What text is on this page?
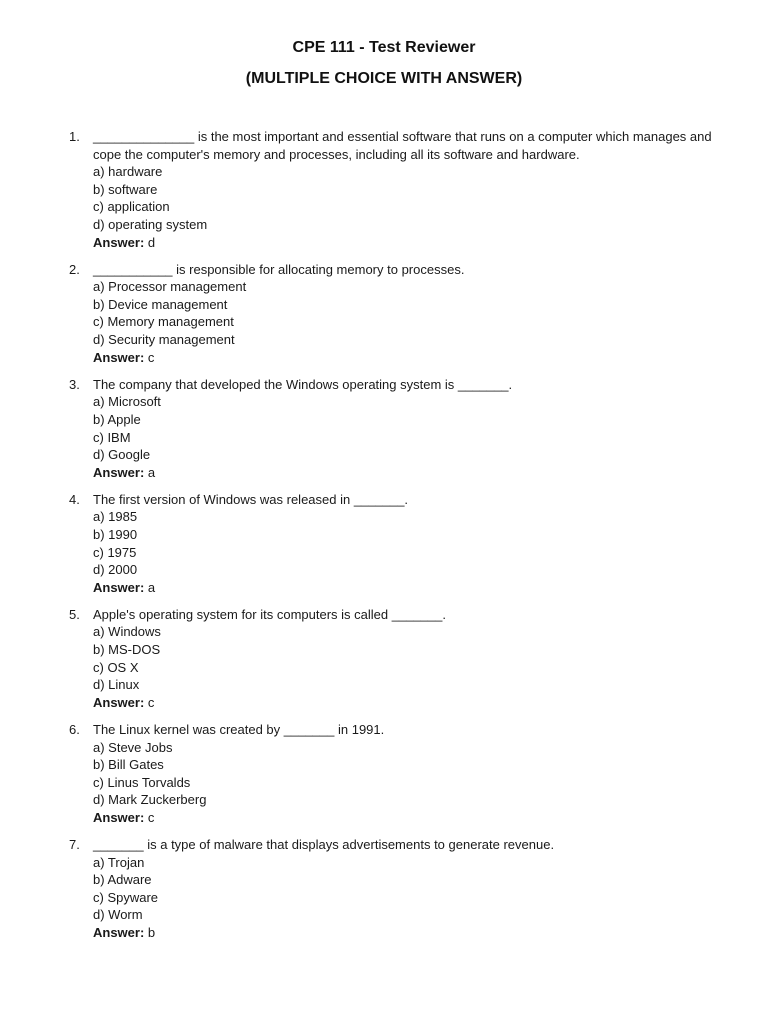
CPE 111 - Test Reviewer
(MULTIPLE CHOICE WITH ANSWER)
1. ______________ is the most important and essential software that runs on a computer which manages and cope the computer's memory and processes, including all its software and hardware.
a) hardware
b) software
c) application
d) operating system
Answer: d
2. ___________ is responsible for allocating memory to processes.
a) Processor management
b) Device management
c) Memory management
d) Security management
Answer: c
3. The company that developed the Windows operating system is _______.
a) Microsoft
b) Apple
c) IBM
d) Google
Answer: a
4. The first version of Windows was released in _______.
a) 1985
b) 1990
c) 1975
d) 2000
Answer: a
5. Apple's operating system for its computers is called _______.
a) Windows
b) MS-DOS
c) OS X
d) Linux
Answer: c
6. The Linux kernel was created by _______ in 1991.
a) Steve Jobs
b) Bill Gates
c) Linus Torvalds
d) Mark Zuckerberg
Answer: c
7. _______ is a type of malware that displays advertisements to generate revenue.
a) Trojan
b) Adware
c) Spyware
d) Worm
Answer: b
